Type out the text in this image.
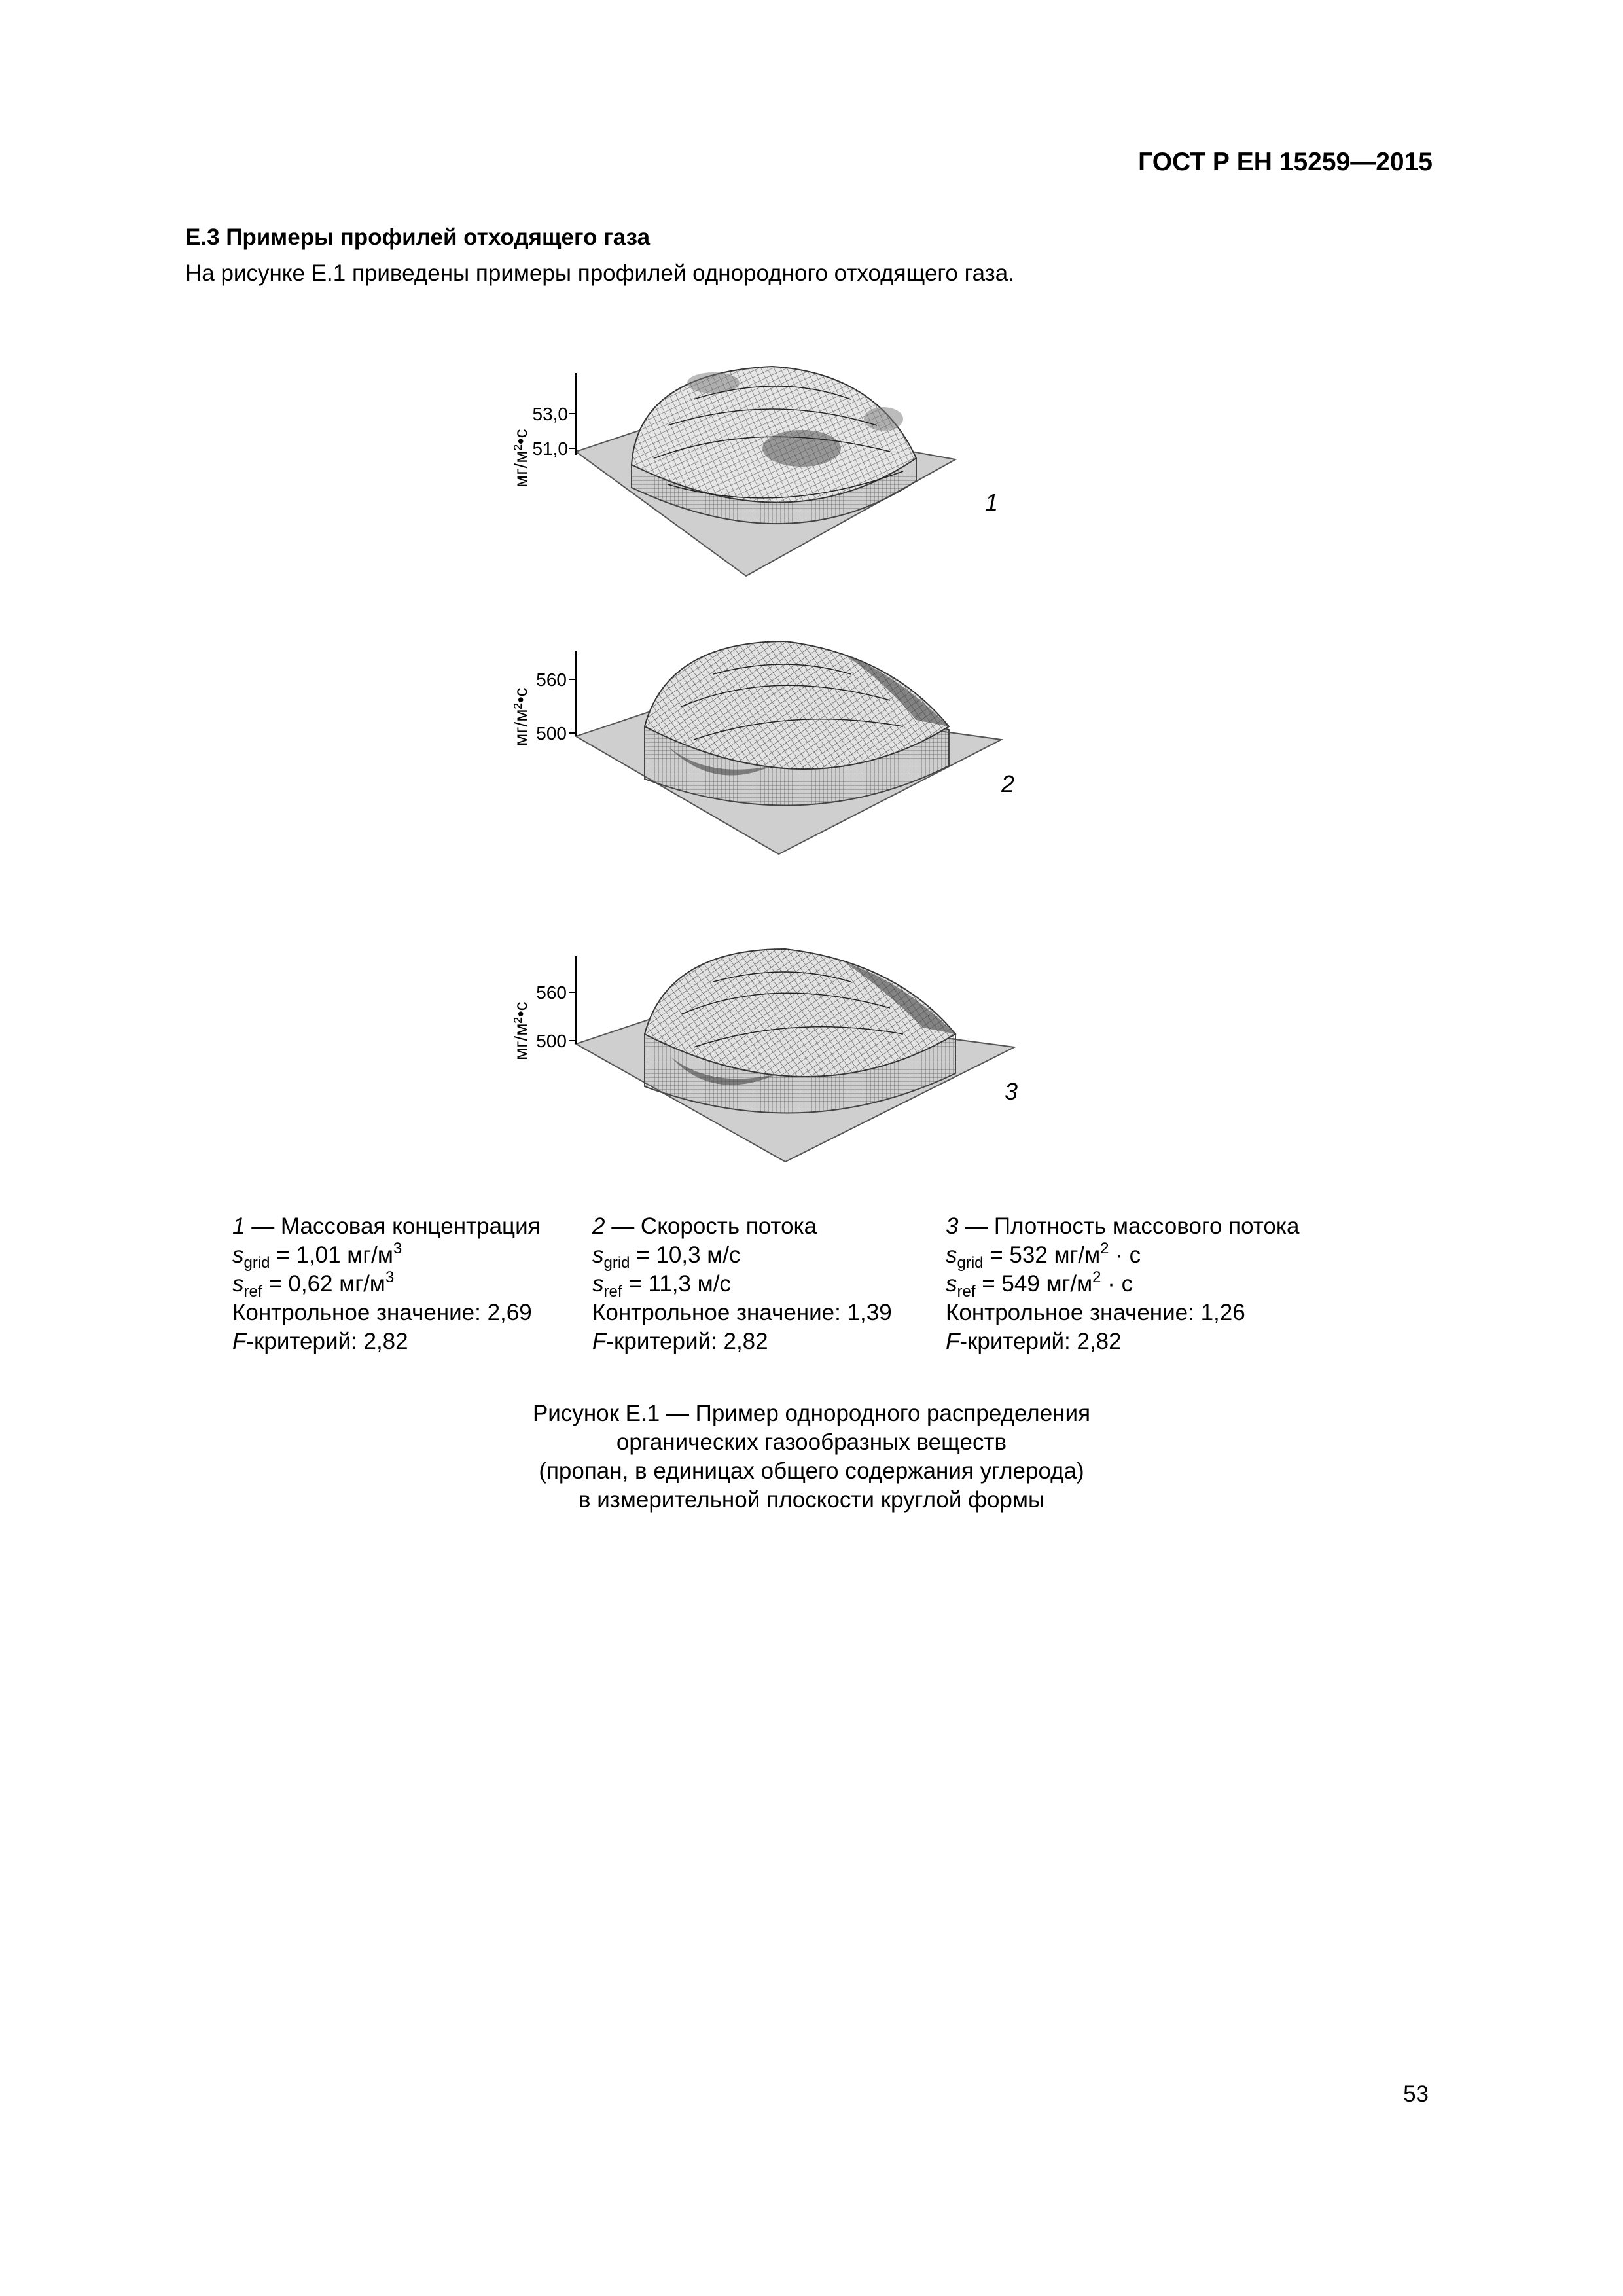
ГОСТ Р ЕН 15259—2015
Е.3 Примеры профилей отходящего газа
На рисунке Е.1 приведены примеры профилей однородного отходящего газа.
53,0
51,0
мг/м²•с
1
560
500
мг/м²•с
2
560
500
мг/м²•с
3
1 — Массовая концентрация
$s_{grid} = 1,01$ $мг/м^3$
$s_{ref} = 0,62$ $мг/м^3$
Контрольное значение: 2,69
F-критерий: 2,82
2 — Скорость потока
$s_{grid} = 10,3$ м/с
$s_{ref} = 11,3$ м/с
Контрольное значение: 1,39
F-критерий: 2,82
3 — Плотность массового потока
$s_{grid} = 532$ $мг/м^2 \cdot с$
$s_{ref} = 549$ $мг/м^2 \cdot с$
Контрольное значение: 1,26
F-критерий: 2,82
Рисунок Е.1 — Пример однородного распределения
органических газообразных веществ
(пропан, в единицах общего содержания углерода)
в измерительной плоскости круглой формы
53
